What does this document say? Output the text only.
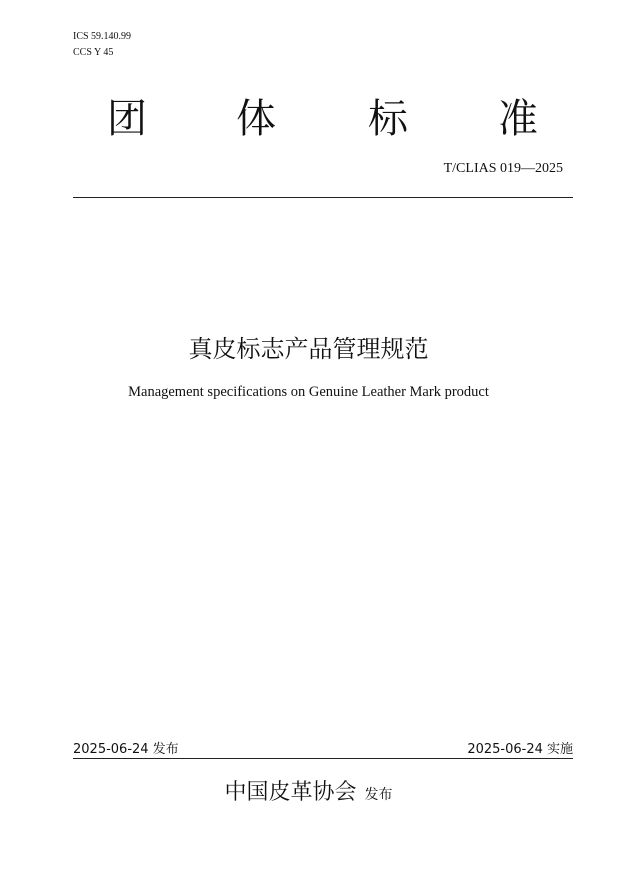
ICS 59.140.99
CCS Y 45
团 体 标 准
T/CLIAS 019—2025
真皮标志产品管理规范
Management specifications on Genuine Leather Mark product
2025-06-24 发布	2025-06-24 实施
中国皮革协会 发布
